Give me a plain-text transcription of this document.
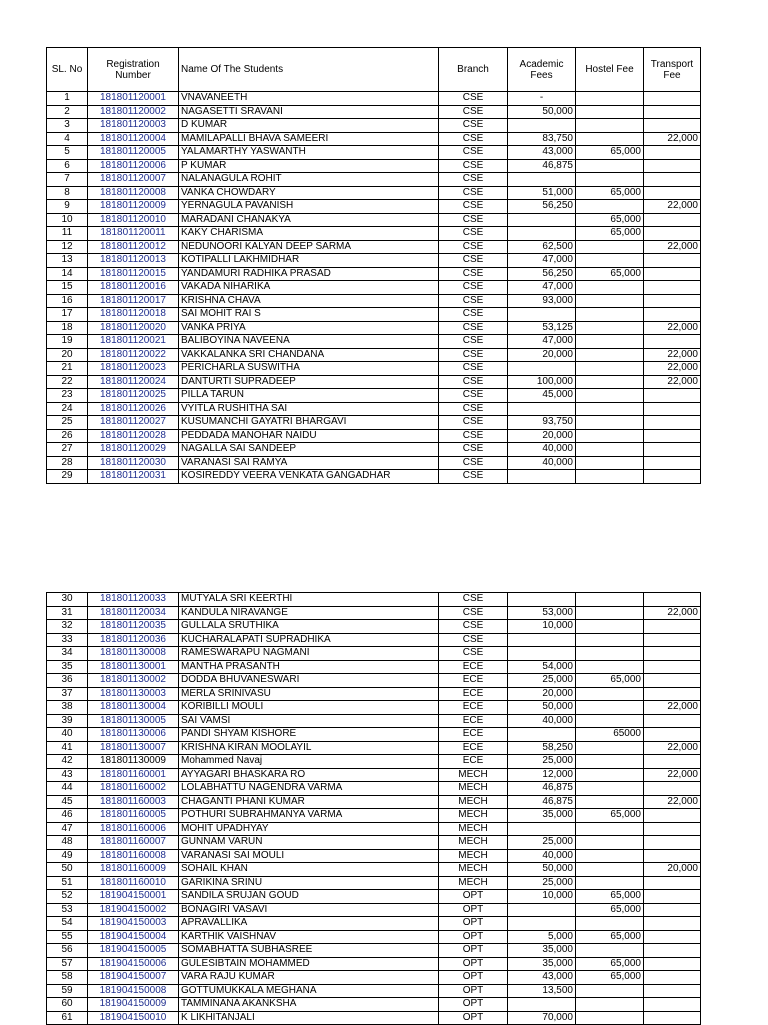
SL. No	Registration Number	Name Of The Students	Branch	Academic Fees	Hostel Fee	Transport Fee
1	181801120001	VNAVANEETH	CSE	-		
2	181801120002	NAGASETTI SRAVANI	CSE	50,000		
3	181801120003	D KUMAR	CSE			
4	181801120004	MAMILAPALLI BHAVA SAMEERI	CSE	83,750		22,000
5	181801120005	YALAMARTHY YASWANTH	CSE	43,000	65,000	
6	181801120006	P KUMAR	CSE	46,875		
7	181801120007	NALANAGULA ROHIT	CSE			
8	181801120008	VANKA CHOWDARY	CSE	51,000	65,000	
9	181801120009	YERNAGULA PAVANISH	CSE	56,250		22,000
10	181801120010	MARADANI CHANAKYA	CSE		65,000	
11	181801120011	KAKY CHARISMA	CSE		65,000	
12	181801120012	NEDUNOORI KALYAN DEEP SARMA	CSE	62,500		22,000
13	181801120013	KOTIPALLI LAKHMIDHAR	CSE	47,000		
14	181801120015	YANDAMURI RADHIKA PRASAD	CSE	56,250	65,000	
15	181801120016	VAKADA NIHARIKA	CSE	47,000		
16	181801120017	KRISHNA CHAVA	CSE	93,000		
17	181801120018	SAI MOHIT RAI S	CSE			
18	181801120020	VANKA PRIYA	CSE	53,125		22,000
19	181801120021	BALIBOYINA NAVEENA	CSE	47,000		
20	181801120022	VAKKALANKA SRI CHANDANA	CSE	20,000		22,000
21	181801120023	PERICHARLA SUSWITHA	CSE			22,000
22	181801120024	DANTURTI SUPRADEEP	CSE	100,000		22,000
23	181801120025	PILLA TARUN	CSE	45,000		
24	181801120026	VYITLA RUSHITHA SAI	CSE			
25	181801120027	KUSUMANCHI GAYATRI BHARGAVI	CSE	93,750		
26	181801120028	PEDDADA MANOHAR NAIDU	CSE	20,000		
27	181801120029	NAGALLA SAI SANDEEP	CSE	40,000		
28	181801120030	VARANASI SAI RAMYA	CSE	40,000		
29	181801120031	KOSIREDDY VEERA VENKATA GANGADHAR	CSE			
30	181801120033	MUTYALA SRI KEERTHI	CSE			
31	181801120034	KANDULA NIRAVANGE	CSE	53,000		22,000
32	181801120035	GULLALA SRUTHIKA	CSE	10,000		
33	181801120036	KUCHARALAPATI SUPRADHIKA	CSE			
34	181801130008	RAMESWARAPU NAGMANI	CSE			
35	181801130001	MANTHA PRASANTH	ECE	54,000		
36	181801130002	DODDA BHUVANESWARI	ECE	25,000	65,000	
37	181801130003	MERLA SRINIVASU	ECE	20,000		
38	181801130004	KORIBILLI MOULI	ECE	50,000		22,000
39	181801130005	SAI VAMSI	ECE	40,000		
40	181801130006	PANDI SHYAM KISHORE	ECE		65000	
41	181801130007	KRISHNA KIRAN MOOLAYIL	ECE	58,250		22,000
42	181801130009	Mohammed Navaj	ECE	25,000		
43	181801160001	AYYAGARI BHASKARA RO	MECH	12,000		22,000
44	181801160002	LOLABHATTU NAGENDRA VARMA	MECH	46,875		
45	181801160003	CHAGANTI PHANI KUMAR	MECH	46,875		22,000
46	181801160005	POTHURI SUBRAHMANYA VARMA	MECH	35,000	65,000	
47	181801160006	MOHIT UPADHYAY	MECH			
48	181801160007	GUNNAM VARUN	MECH	25,000		
49	181801160008	VARANASI SAI MOULI	MECH	40,000		
50	181801160009	SOHAIL KHAN	MECH	50,000		20,000
51	181801160010	GARIKINA SRINU	MECH	25,000		
52	181904150001	SANDILA SRUJAN GOUD	OPT	10,000	65,000	
53	181904150002	BONAGIRI VASAVI	OPT		65,000	
54	181904150003	APRAVALLIKA	OPT			
55	181904150004	KARTHIK VAISHNAV	OPT	5,000	65,000	
56	181904150005	SOMABHATTA SUBHASREE	OPT	35,000		
57	181904150006	GULESIBTAIN MOHAMMED	OPT	35,000	65,000	
58	181904150007	VARA RAJU KUMAR	OPT	43,000	65,000	
59	181904150008	GOTTUMUKKALA MEGHANA	OPT	13,500		
60	181904150009	TAMMINANA AKANKSHA	OPT			
61	181904150010	K LIKHITANJALI	OPT	70,000		
